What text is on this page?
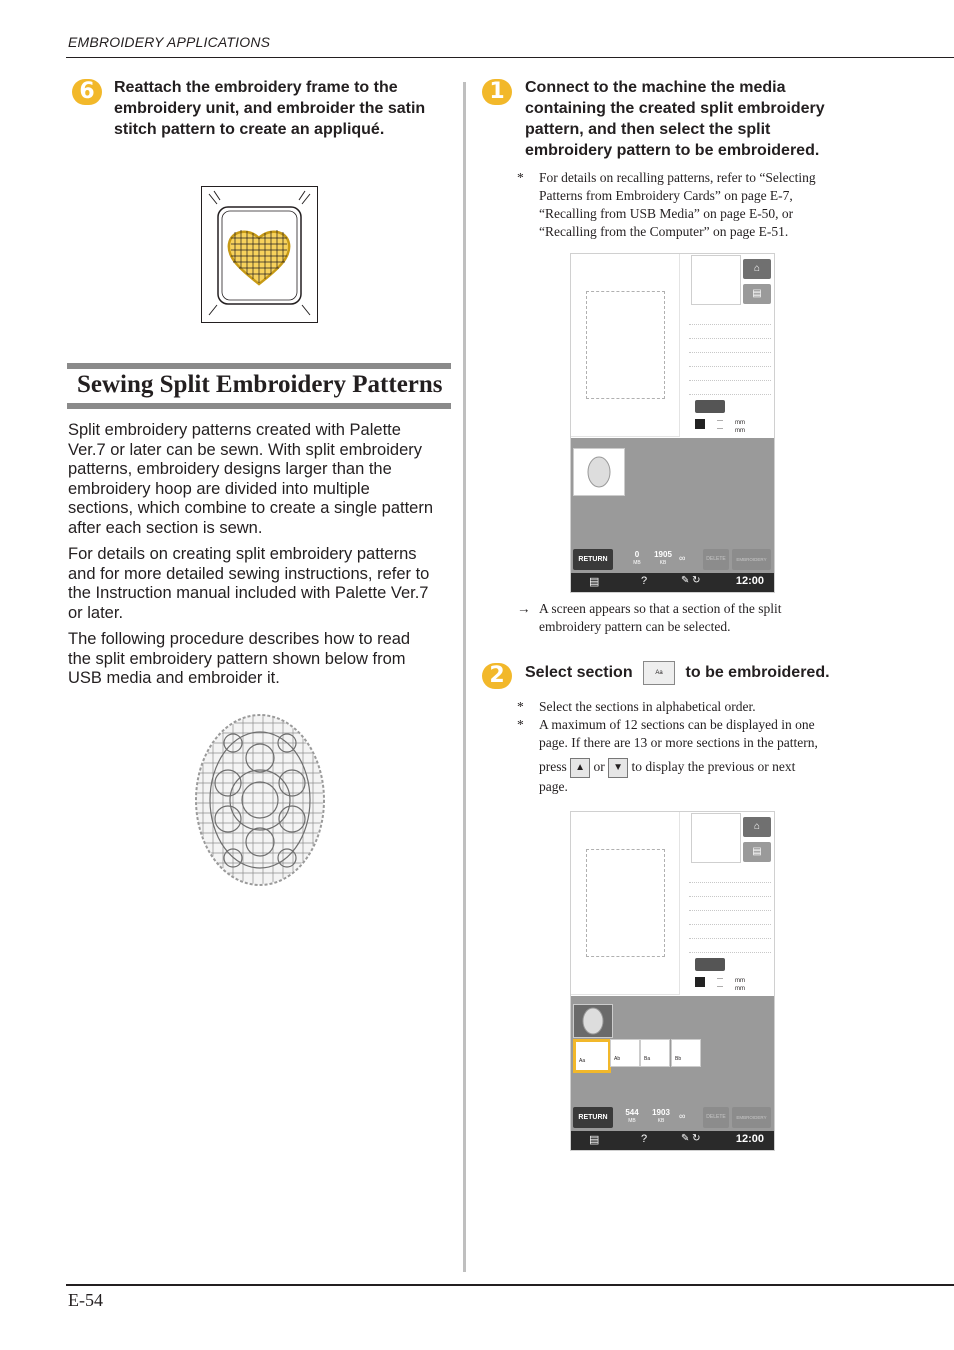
EMBROIDERY APPLICATIONS
6	Reattach the embroidery frame to the
embroidery unit, and embroider the satin
stitch pattern to create an appliqué.
Sewing Split Embroidery Patterns
Split embroidery patterns created with Palette
Ver.7 or later can be sewn. With split embroidery
patterns, embroidery designs larger than the
embroidery hoop are divided into multiple
sections, which combine to create a single pattern
after each section is sewn.
For details on creating split embroidery patterns
and for more detailed sewing instructions, refer to
the Instruction manual included with Palette Ver.7
or later.
The following procedure describes how to read
the split embroidery pattern shown below from
USB media and embroider it.
1	Connect to the machine the media
containing the created split embroidery
pattern, and then select the split
embroidery pattern to be embroidered.
* For details on recalling patterns, refer to “Selecting
Patterns from Embroidery Cards” on page E-7,
“Recalling from USB Media” on page E-50, or
“Recalling from the Computer” on page E-51.
⌂
▤
--- mm
--- mm
RETURN
0
MB
1905
KB	∞	DELETE	EMBROIDERY
▤	?	✎ ↻	12:00
→ A screen appears so that a section of the split
embroidery pattern can be selected.
2	Select section	Aa to be embroidered.
* Select the sections in alphabetical order.
* A maximum of 12 sections can be displayed in one
page. If there are 13 or more sections in the pattern,
press ▲ or ▼ to display the previous or next
page.
⌂
▤
--- mm
--- mm
Aa	Ab	Ba	Bb
RETURN
544
MB
1903
KB	∞	DELETE	EMBROIDERY
▤	?	✎ ↻	12:00
E-54
